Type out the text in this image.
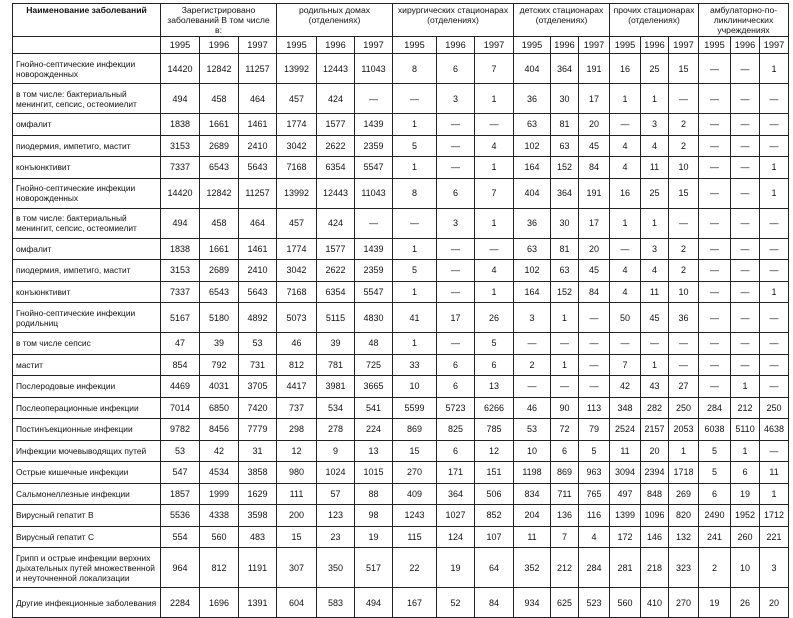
Наименование заболеваний	Зарегистрировано заболеваний В том числе в:			родильных домах (отделениях)			хирургических стационарах (отделениях)			детских стационарах (отделениях)			прочих стационарах (отделениях)			амбулаторно-по-ликлинических учреждениях		
	1995	1996	1997	1995	1996	1997	1995	1996	1997	1995	1996	1997	1995	1996	1997	1995	1996	1997
Гнойно-септические инфекции новорожденных	14420	12842	11257	13992	12443	11043	8	6	7	404	364	191	16	25	15	—	—	1
в том числе: бактериальный менингит, сепсис, остеомиелит	494	458	464	457	424	—	—	3	1	36	30	17	1	1	—	—	—	—
омфалит	1838	1661	1461	1774	1577	1439	1	—	—	63	81	20	—	3	2	—	—	—
пиодермия, импетиго, мастит	3153	2689	2410	3042	2622	2359	5	—	4	102	63	45	4	4	2	—	—	—
конъюнктивит	7337	6543	5643	7168	6354	5547	1	—	1	164	152	84	4	11	10	—	—	1
Гнойно-септические инфекции новорожденных	14420	12842	11257	13992	12443	11043	8	6	7	404	364	191	16	25	15	—	—	1
в том числе: бактериальный менингит, сепсис, остеомиелит	494	458	464	457	424	—	—	3	1	36	30	17	1	1	—	—	—	—
омфалит	1838	1661	1461	1774	1577	1439	1	—	—	63	81	20	—	3	2	—	—	—
пиодермия, импетиго, мастит	3153	2689	2410	3042	2622	2359	5	—	4	102	63	45	4	4	2	—	—	—
конъюнктивит	7337	6543	5643	7168	6354	5547	1	—	1	164	152	84	4	11	10	—	—	1
Гнойно-септические инфекции родильниц	5167	5180	4892	5073	5115	4830	41	17	26	3	1	—	50	45	36	—	—	—
в том числе сепсис	47	39	53	46	39	48	1	—	5	—	—	—	—	—	—	—	—	—
мастит	854	792	731	812	781	725	33	6	6	2	1	—	7	1	—	—	—	—
Послеродовые инфекции	4469	4031	3705	4417	3981	3665	10	6	13	—	—	—	42	43	27	—	1	—
Послеоперационные инфекции	7014	6850	7420	737	534	541	5599	5723	6266	46	90	113	348	282	250	284	212	250
Постинъекционные инфекции	9782	8456	7779	298	278	224	869	825	785	53	72	79	2524	2157	2053	6038	5110	4638
Инфекции мочевыводящих путей	53	42	31	12	9	13	15	6	12	10	6	5	11	20	1	5	1	—
Острые кишечные инфекции	547	4534	3858	980	1024	1015	270	171	151	1198	869	963	3094	2394	1718	5	6	11
Сальмонеллезные инфекции	1857	1999	1629	111	57	88	409	364	506	834	711	765	497	848	269	6	19	1
Вирусный гепатит В	5536	4338	3598	200	123	98	1243	1027	852	204	136	116	1399	1096	820	2490	1952	1712
Вирусный гепатит С	554	560	483	15	23	19	115	124	107	11	7	4	172	146	132	241	260	221
Грипп и острые инфекции верхних дыхательных путей множественной и неуточненной локализации	964	812	1191	307	350	517	22	19	64	352	212	284	281	218	323	2	10	3
Другие инфекционные заболевания	2284	1696	1391	604	583	494	167	52	84	934	625	523	560	410	270	19	26	20
